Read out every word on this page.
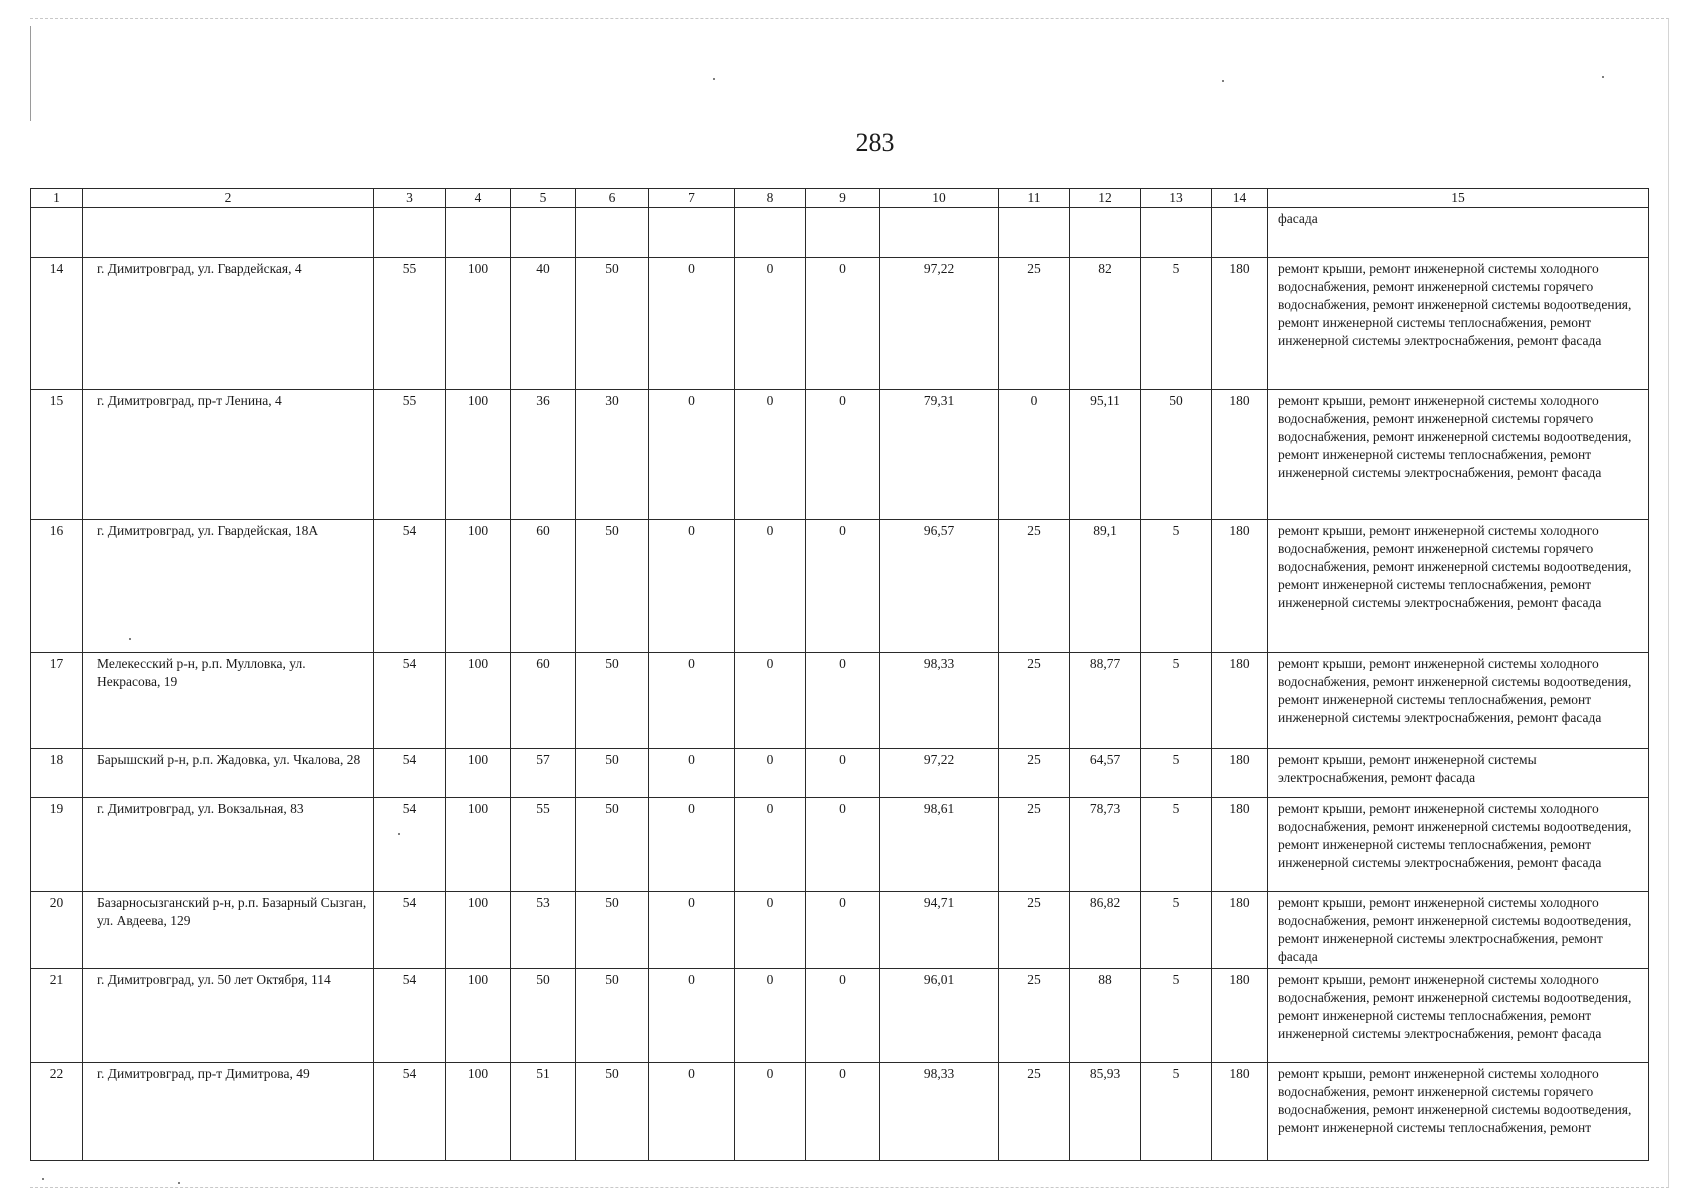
283
1	2	3	4	5	6	7	8	9	10	11	12	13	14	15
														фасада
14	г. Димитровград, ул. Гвардейская, 4	55	100	40	50	0	0	0	97,22	25	82	5	180	ремонт крыши, ремонт инженерной системы холодного водоснабжения, ремонт инженерной системы горячего водоснабжения, ремонт инженерной системы водоотведения, ремонт инженерной системы теплоснабжения, ремонт инженерной системы электроснабжения, ремонт фасада
15	г. Димитровград, пр-т Ленина, 4	55	100	36	30	0	0	0	79,31	0	95,11	50	180	ремонт крыши, ремонт инженерной системы холодного водоснабжения, ремонт инженерной системы горячего водоснабжения, ремонт инженерной системы водоотведения, ремонт инженерной системы теплоснабжения, ремонт инженерной системы электроснабжения, ремонт фасада
16	г. Димитровград, ул. Гвардейская, 18А	54	100	60	50	0	0	0	96,57	25	89,1	5	180	ремонт крыши, ремонт инженерной системы холодного водоснабжения, ремонт инженерной системы горячего водоснабжения, ремонт инженерной системы водоотведения, ремонт инженерной системы теплоснабжения, ремонт инженерной системы электроснабжения, ремонт фасада
17	Мелекесский р-н, р.п. Мулловка, ул. Некрасова, 19	54	100	60	50	0	0	0	98,33	25	88,77	5	180	ремонт крыши, ремонт инженерной системы холодного водоснабжения, ремонт инженерной системы водоотведения, ремонт инженерной системы теплоснабжения, ремонт инженерной системы электроснабжения, ремонт фасада
18	Барышский р-н, р.п. Жадовка, ул. Чкалова, 28	54	100	57	50	0	0	0	97,22	25	64,57	5	180	ремонт крыши, ремонт инженерной системы электроснабжения, ремонт фасада
19	г. Димитровград, ул. Вокзальная, 83	54	100	55	50	0	0	0	98,61	25	78,73	5	180	ремонт крыши, ремонт инженерной системы холодного водоснабжения, ремонт инженерной системы водоотведения, ремонт инженерной системы теплоснабжения, ремонт инженерной системы электроснабжения, ремонт фасада
20	Базарносызганский р-н, р.п. Базарный Сызган, ул. Авдеева, 129	54	100	53	50	0	0	0	94,71	25	86,82	5	180	ремонт крыши, ремонт инженерной системы холодного водоснабжения, ремонт инженерной системы водоотведения, ремонт инженерной системы электроснабжения, ремонт фасада
21	г. Димитровград, ул. 50 лет Октября, 114	54	100	50	50	0	0	0	96,01	25	88	5	180	ремонт крыши, ремонт инженерной системы холодного водоснабжения, ремонт инженерной системы водоотведения, ремонт инженерной системы теплоснабжения, ремонт инженерной системы электроснабжения, ремонт фасада
22	г. Димитровград, пр-т Димитрова, 49	54	100	51	50	0	0	0	98,33	25	85,93	5	180	ремонт крыши, ремонт инженерной системы холодного водоснабжения, ремонт инженерной системы горячего водоснабжения, ремонт инженерной системы водоотведения, ремонт инженерной системы теплоснабжения, ремонт
